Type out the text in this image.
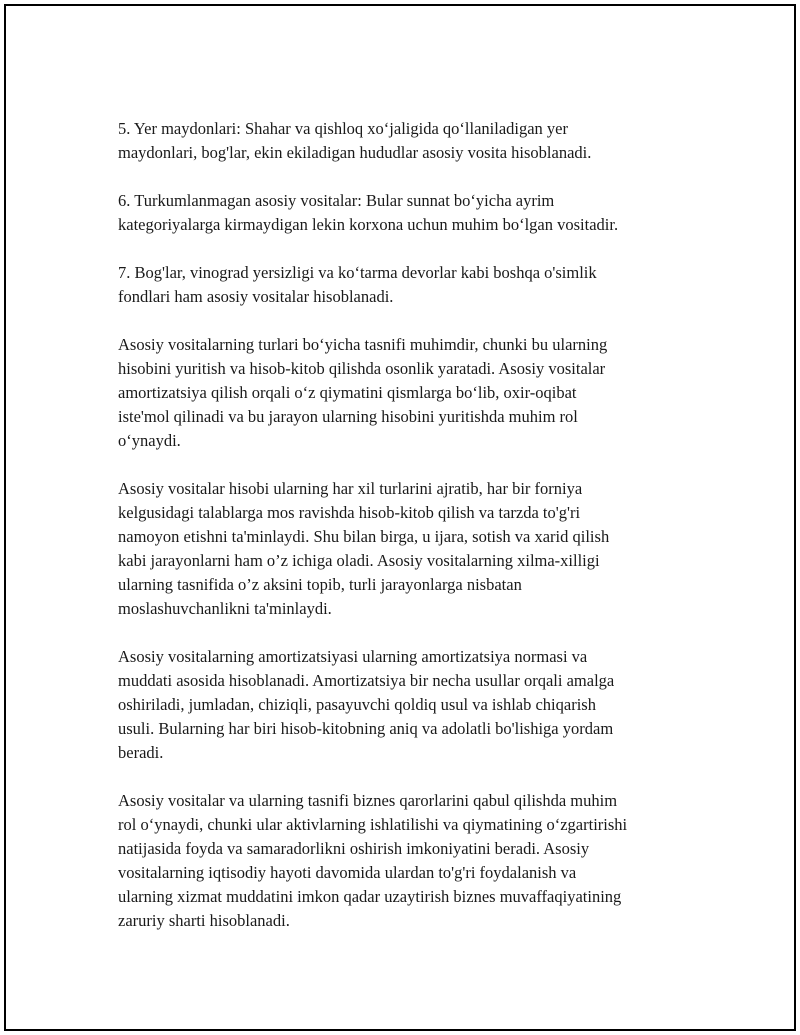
5. Yer maydonlari: Shahar va qishloq xo‘jaligida qo‘llaniladigan yer
maydonlari, bog'lar, ekin ekiladigan hududlar asosiy vosita hisoblanadi.

6. Turkumlanmagan asosiy vositalar: Bular sunnat bo‘yicha ayrim
kategoriyalarga kirmaydigan lekin korxona uchun muhim bo‘lgan vositadir.

7. Bog'lar, vinograd yersizligi va ko‘tarma devorlar kabi boshqa o'simlik
fondlari ham asosiy vositalar hisoblanadi.

Asosiy vositalarning turlari bo‘yicha tasnifi muhimdir, chunki bu ularning
hisobini yuritish va hisob-kitob qilishda osonlik yaratadi. Asosiy vositalar
amortizatsiya qilish orqali o‘z qiymatini qismlarga bo‘lib, oxir-oqibat
iste'mol qilinadi va bu jarayon ularning hisobini yuritishda muhim rol
o‘ynaydi.

Asosiy vositalar hisobi ularning har xil turlarini ajratib, har bir forniya
kelgusidagi talablarga mos ravishda hisob-kitob qilish va tarzda to'g'ri
namoyon etishni ta'minlaydi. Shu bilan birga, u ijara, sotish va xarid qilish
kabi jarayonlarni ham o’z ichiga oladi. Asosiy vositalarning xilma-xilligi
ularning tasnifida o’z aksini topib, turli jarayonlarga nisbatan
moslashuvchanlikni ta'minlaydi.

Asosiy vositalarning amortizatsiyasi ularning amortizatsiya normasi va
muddati asosida hisoblanadi. Amortizatsiya bir necha usullar orqali amalga
oshiriladi, jumladan, chiziqli, pasayuvchi qoldiq usul va ishlab chiqarish
usuli. Bularning har biri hisob-kitobning aniq va adolatli bo'lishiga yordam
beradi.

Asosiy vositalar va ularning tasnifi biznes qarorlarini qabul qilishda muhim
rol o‘ynaydi, chunki ular aktivlarning ishlatilishi va qiymatining o‘zgartirishi
natijasida foyda va samaradorlikni oshirish imkoniyatini beradi. Asosiy
vositalarning iqtisodiy hayoti davomida ulardan to'g'ri foydalanish va
ularning xizmat muddatini imkon qadar uzaytirish biznes muvaffaqiyatining
zaruriy sharti hisoblanadi.
